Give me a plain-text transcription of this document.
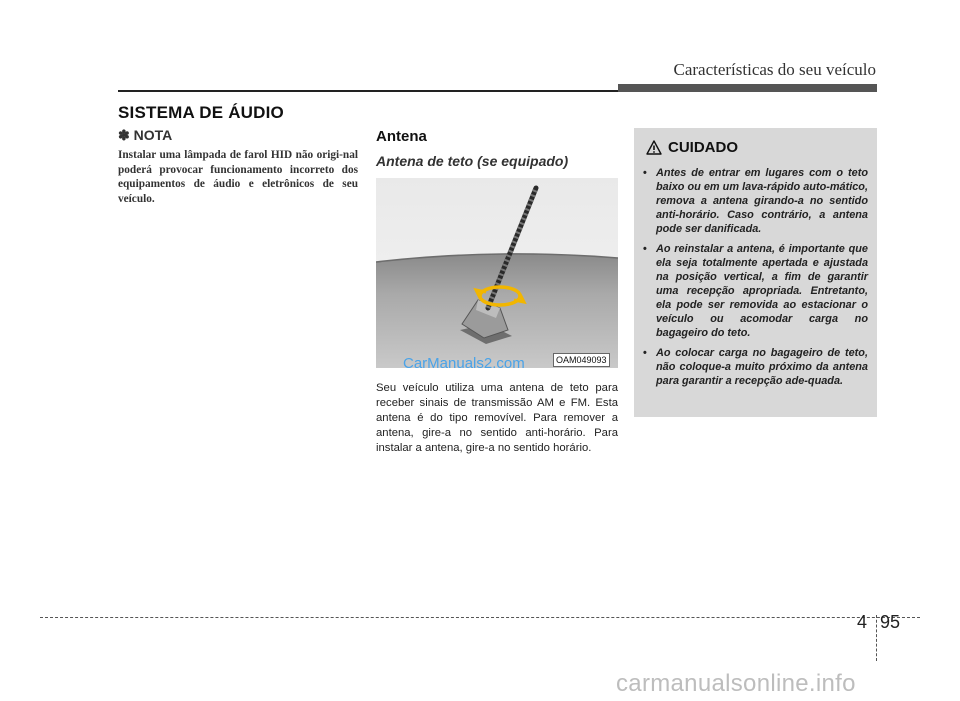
Características do seu veículo
SISTEMA DE ÁUDIO
✽ NOTA
Instalar uma lâmpada de farol HID não origi-nal poderá provocar funcionamento incorreto dos equipamentos de áudio e eletrônicos de seu veículo.
Antena
Antena de teto (se equipado)
CarManuals2.com	OAM049093
Seu veículo utiliza uma antena de teto para receber sinais de transmissão AM e FM. Esta antena é do tipo removível. Para remover a antena, gire-a no sentido anti-horário. Para instalar a antena, gire-a no sentido horário.
CUIDADO
• Antes de entrar em lugares com o teto baixo ou em um lava-rápido auto-mático, remova a antena girando-a no sentido anti-horário. Caso contrário, a antena pode ser danificada.
• Ao reinstalar a antena, é importante que ela seja totalmente apertada e ajustada na posição vertical, a fim de garantir uma recepção apropriada. Entretanto, ela pode ser removida ao estacionar o veículo ou acomodar carga no bagageiro do teto.
• Ao colocar carga no bagageiro de teto, não coloque-a muito próximo da antena para garantir a recepção ade-quada.
4 95
carmanualsonline.info
